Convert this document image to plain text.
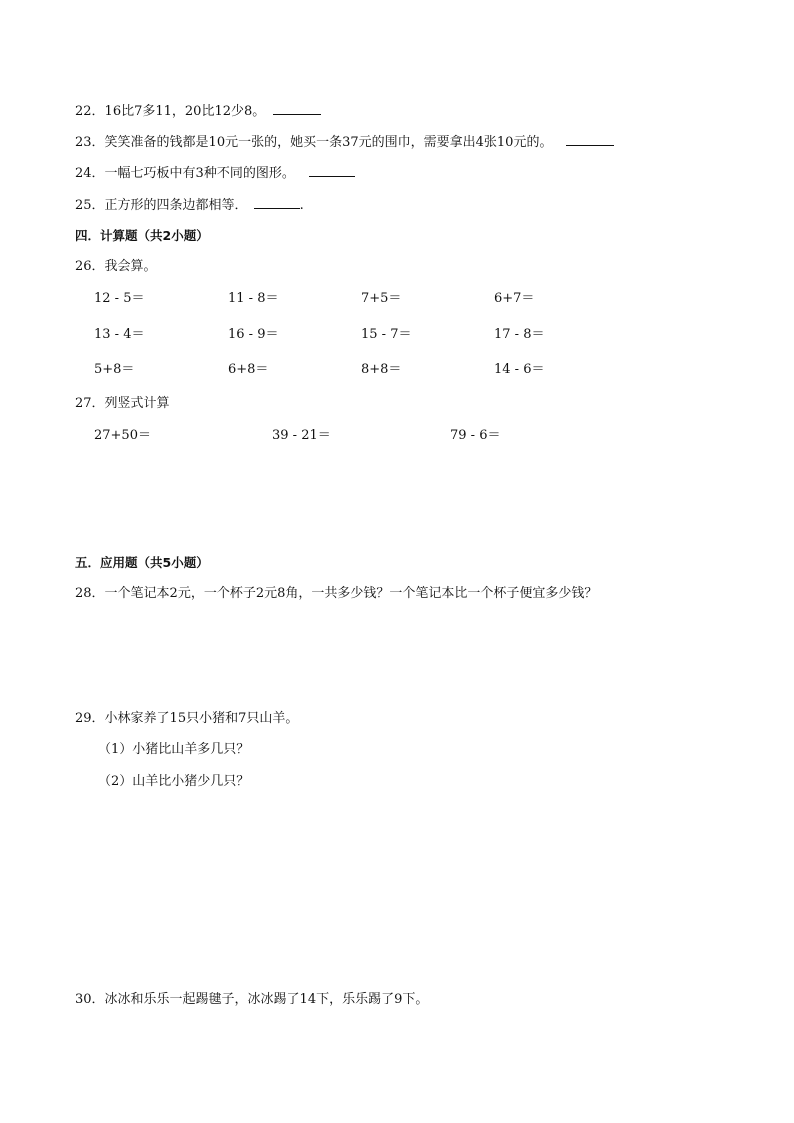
22．16比7多11，20比12少8。
23．笑笑准备的钱都是10元一张的，她买一条37元的围巾，需要拿出4张10元的。
24．一幅七巧板中有3种不同的图形。
25．正方形的四条边都相等．	.
四．计算题（共2小题）
26．我会算。
12 - 5＝	11 - 8＝	7+5＝	6+7＝
13 - 4＝	16 - 9＝	15 - 7＝	17 - 8＝
5+8＝	6+8＝	8+8＝	14 - 6＝
27．列竖式计算
27+50＝	39 - 21＝	79 - 6＝
五．应用题（共5小题）
28．一个笔记本2元，一个杯子2元8角，一共多少钱？一个笔记本比一个杯子便宜多少钱？
29．小林家养了15只小猪和7只山羊。
（1）小猪比山羊多几只？
（2）山羊比小猪少几只？
30．冰冰和乐乐一起踢毽子，冰冰踢了14下，乐乐踢了9下。
